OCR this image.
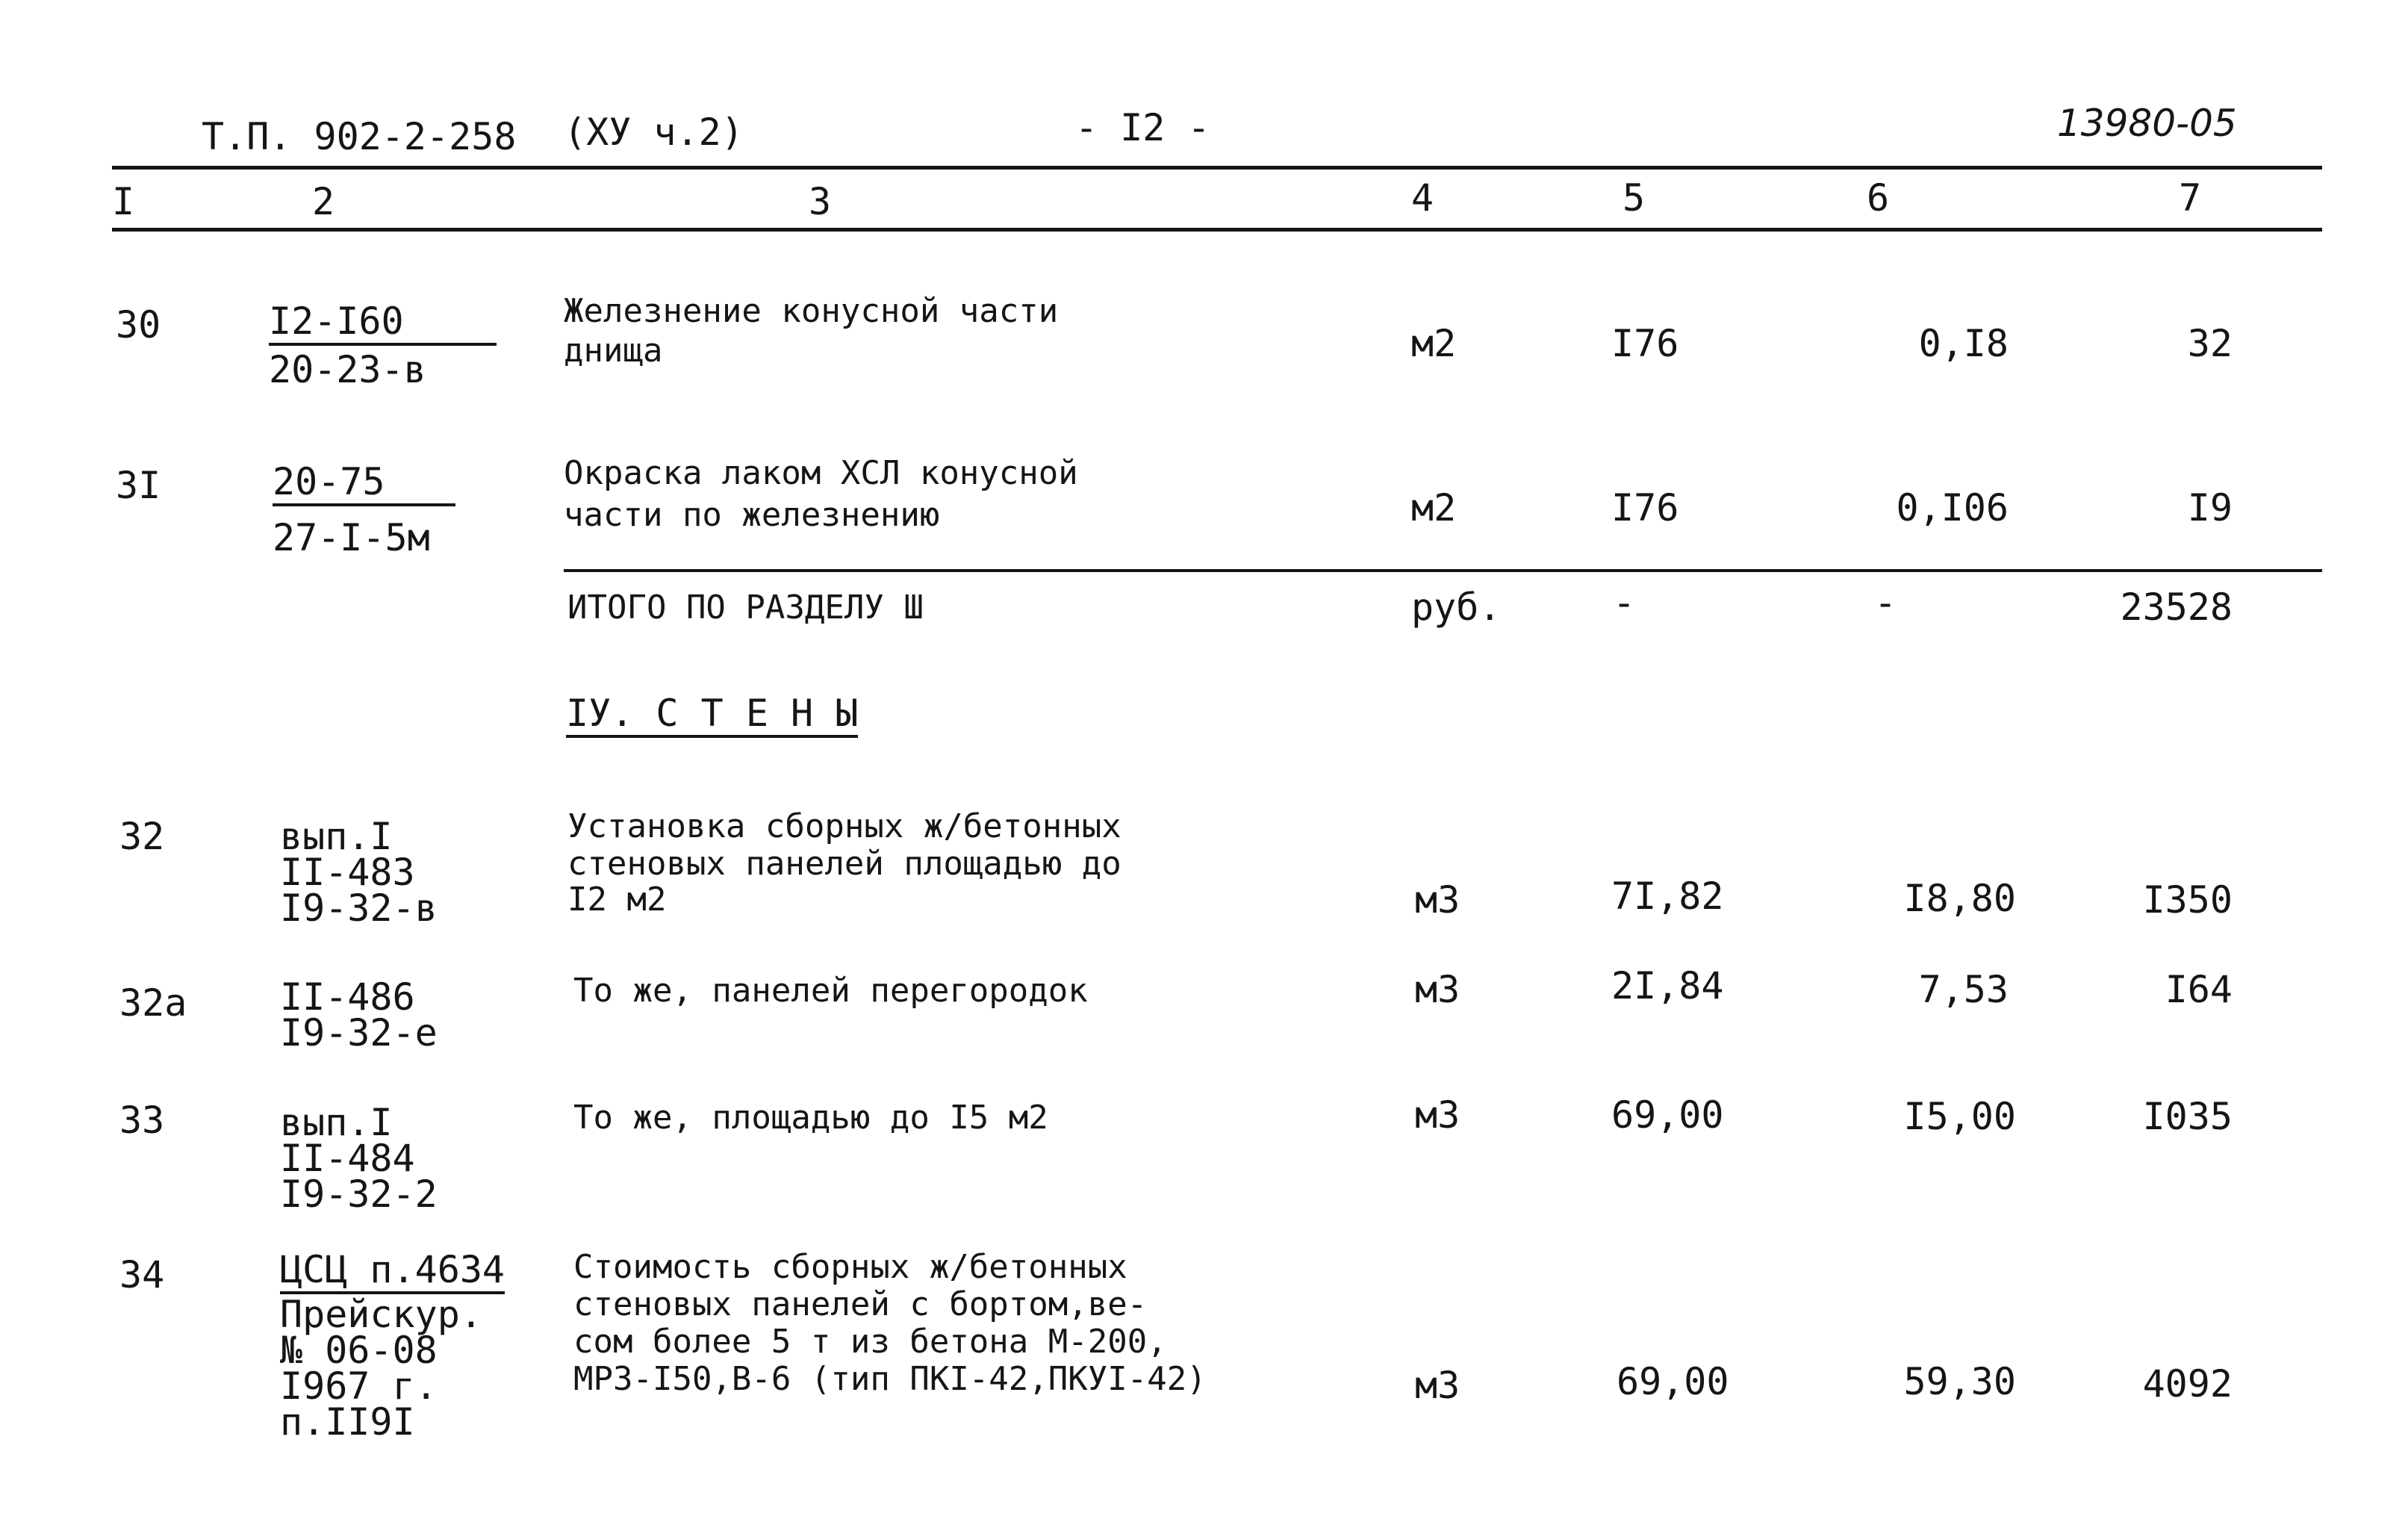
Т.П. 902-2-258 (ХУ ч.2)	- I2 -	13980-05
I	2	3	4	5	6	7
30	I2-I60
20-23-в
Железнение конусной части
днища	м2	I76	0,I8	32
3I	20-75
27-I-5м
Окраска лаком ХСЛ конусной
части по железнению	м2	I76	0,I06	I9
ИТОГО ПО РАЗДЕЛУ Ш	руб.	-	-	23528
IУ. С Т Е Н Ы
32	вып.I
II-483
I9-32-в
Установка сборных ж/бетонных
стеновых панелей площадью до
I2 м2	м3	7I,82	I8,80	I350
32а II-486
I9-32-е
То же, панелей перегородок	м3	2I,84	7,53	I64
33	вып.I
II-484
I9-32-2
То же, площадью до I5 м2	м3	69,00	I5,00	I035
34	ЦСЦ п.4634
Прейскур.
№ 06-08
I967 г.
п.II9I
Стоимость сборных ж/бетонных
стеновых панелей с бортом,ве-
сом более 5 т из бетона М-200,
МРЗ-I50,В-6 (тип ПКI-42,ПКУI-42)	м3	69,00	59,30	4092
